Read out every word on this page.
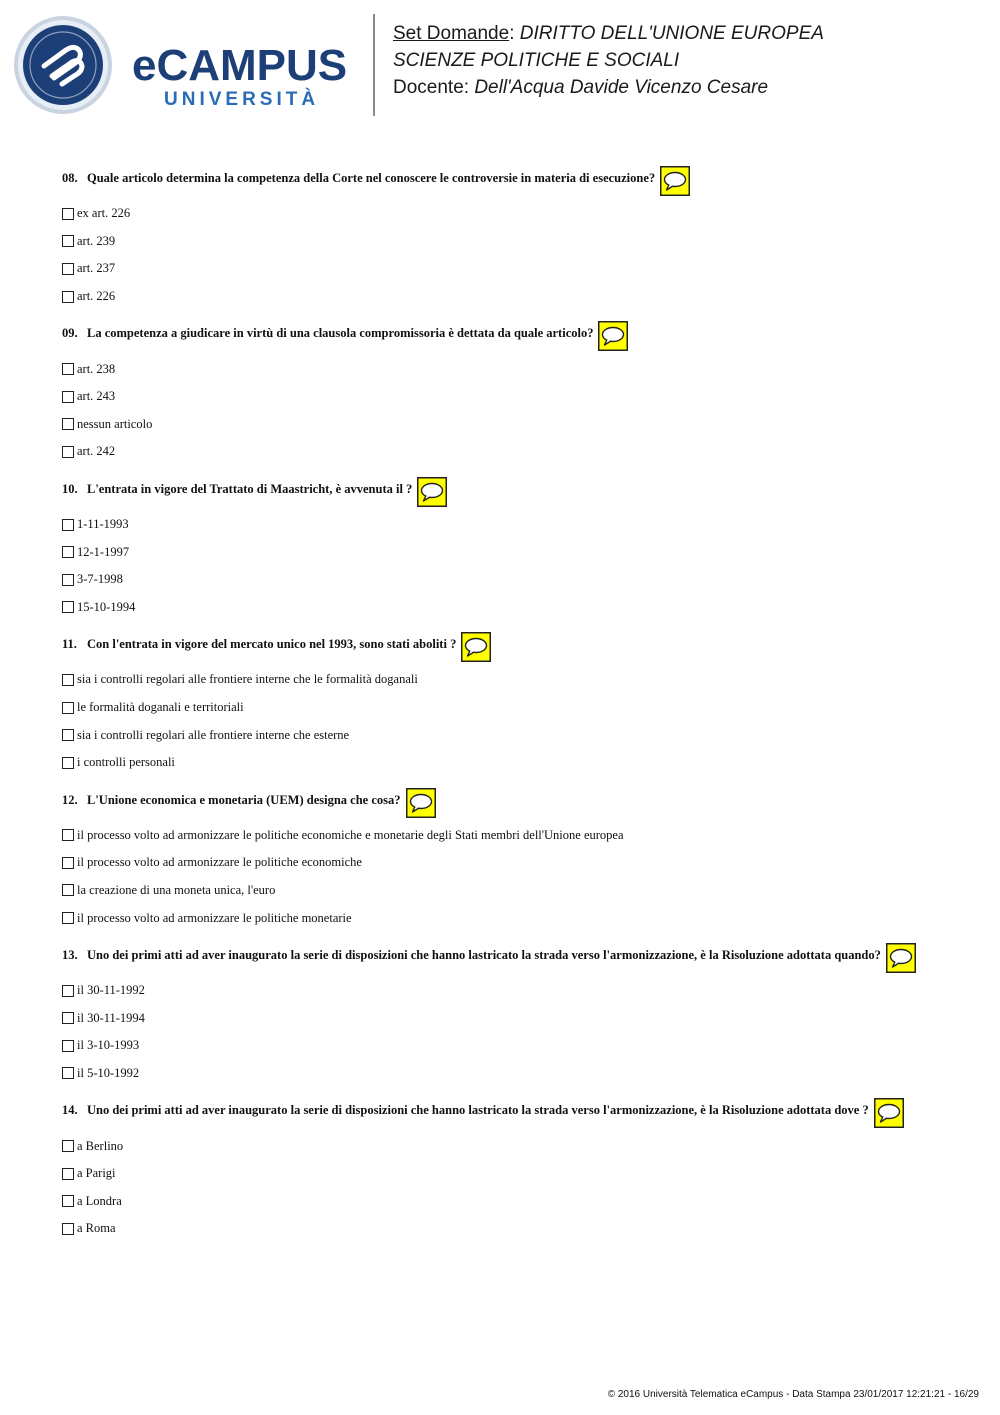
eCAMPUS
UNIVERSITÀ
Set Domande: DIRITTO DELL'UNIONE EUROPEA
SCIENZE POLITICHE E SOCIALI
Docente: Dell'Acqua Davide Vicenzo Cesare
08. Quale articolo determina la competenza della Corte nel conoscere le controversie in materia di esecuzione?
ex art. 226
art. 239
art. 237
art. 226
09. La competenza a giudicare in virtù di una clausola compromissoria è dettata da quale articolo?
art. 238
art. 243
nessun articolo
art. 242
10. L'entrata in vigore del Trattato di Maastricht, è avvenuta il ?
1-11-1993
12-1-1997
3-7-1998
15-10-1994
11. Con l'entrata in vigore del mercato unico nel 1993, sono stati aboliti ?
sia i controlli regolari alle frontiere interne che le formalità doganali
le formalità doganali e territoriali
sia i controlli regolari alle frontiere interne che esterne
i controlli personali
12. L'Unione economica e monetaria (UEM) designa che cosa?
il processo volto ad armonizzare le politiche economiche e monetarie degli Stati membri dell'Unione europea
il processo volto ad armonizzare le politiche economiche
la creazione di una moneta unica, l'euro
il processo volto ad armonizzare le politiche monetarie
13. Uno dei primi atti ad aver inaugurato la serie di disposizioni che hanno lastricato la strada verso l'armonizzazione, è la Risoluzione adottata quando?
il 30-11-1992
il 30-11-1994
il 3-10-1993
il 5-10-1992
14. Uno dei primi atti ad aver inaugurato la serie di disposizioni che hanno lastricato la strada verso l'armonizzazione, è la Risoluzione adottata dove ?
a Berlino
a Parigi
a Londra
a Roma
© 2016 Università Telematica eCampus - Data Stampa 23/01/2017 12:21:21 - 16/29
